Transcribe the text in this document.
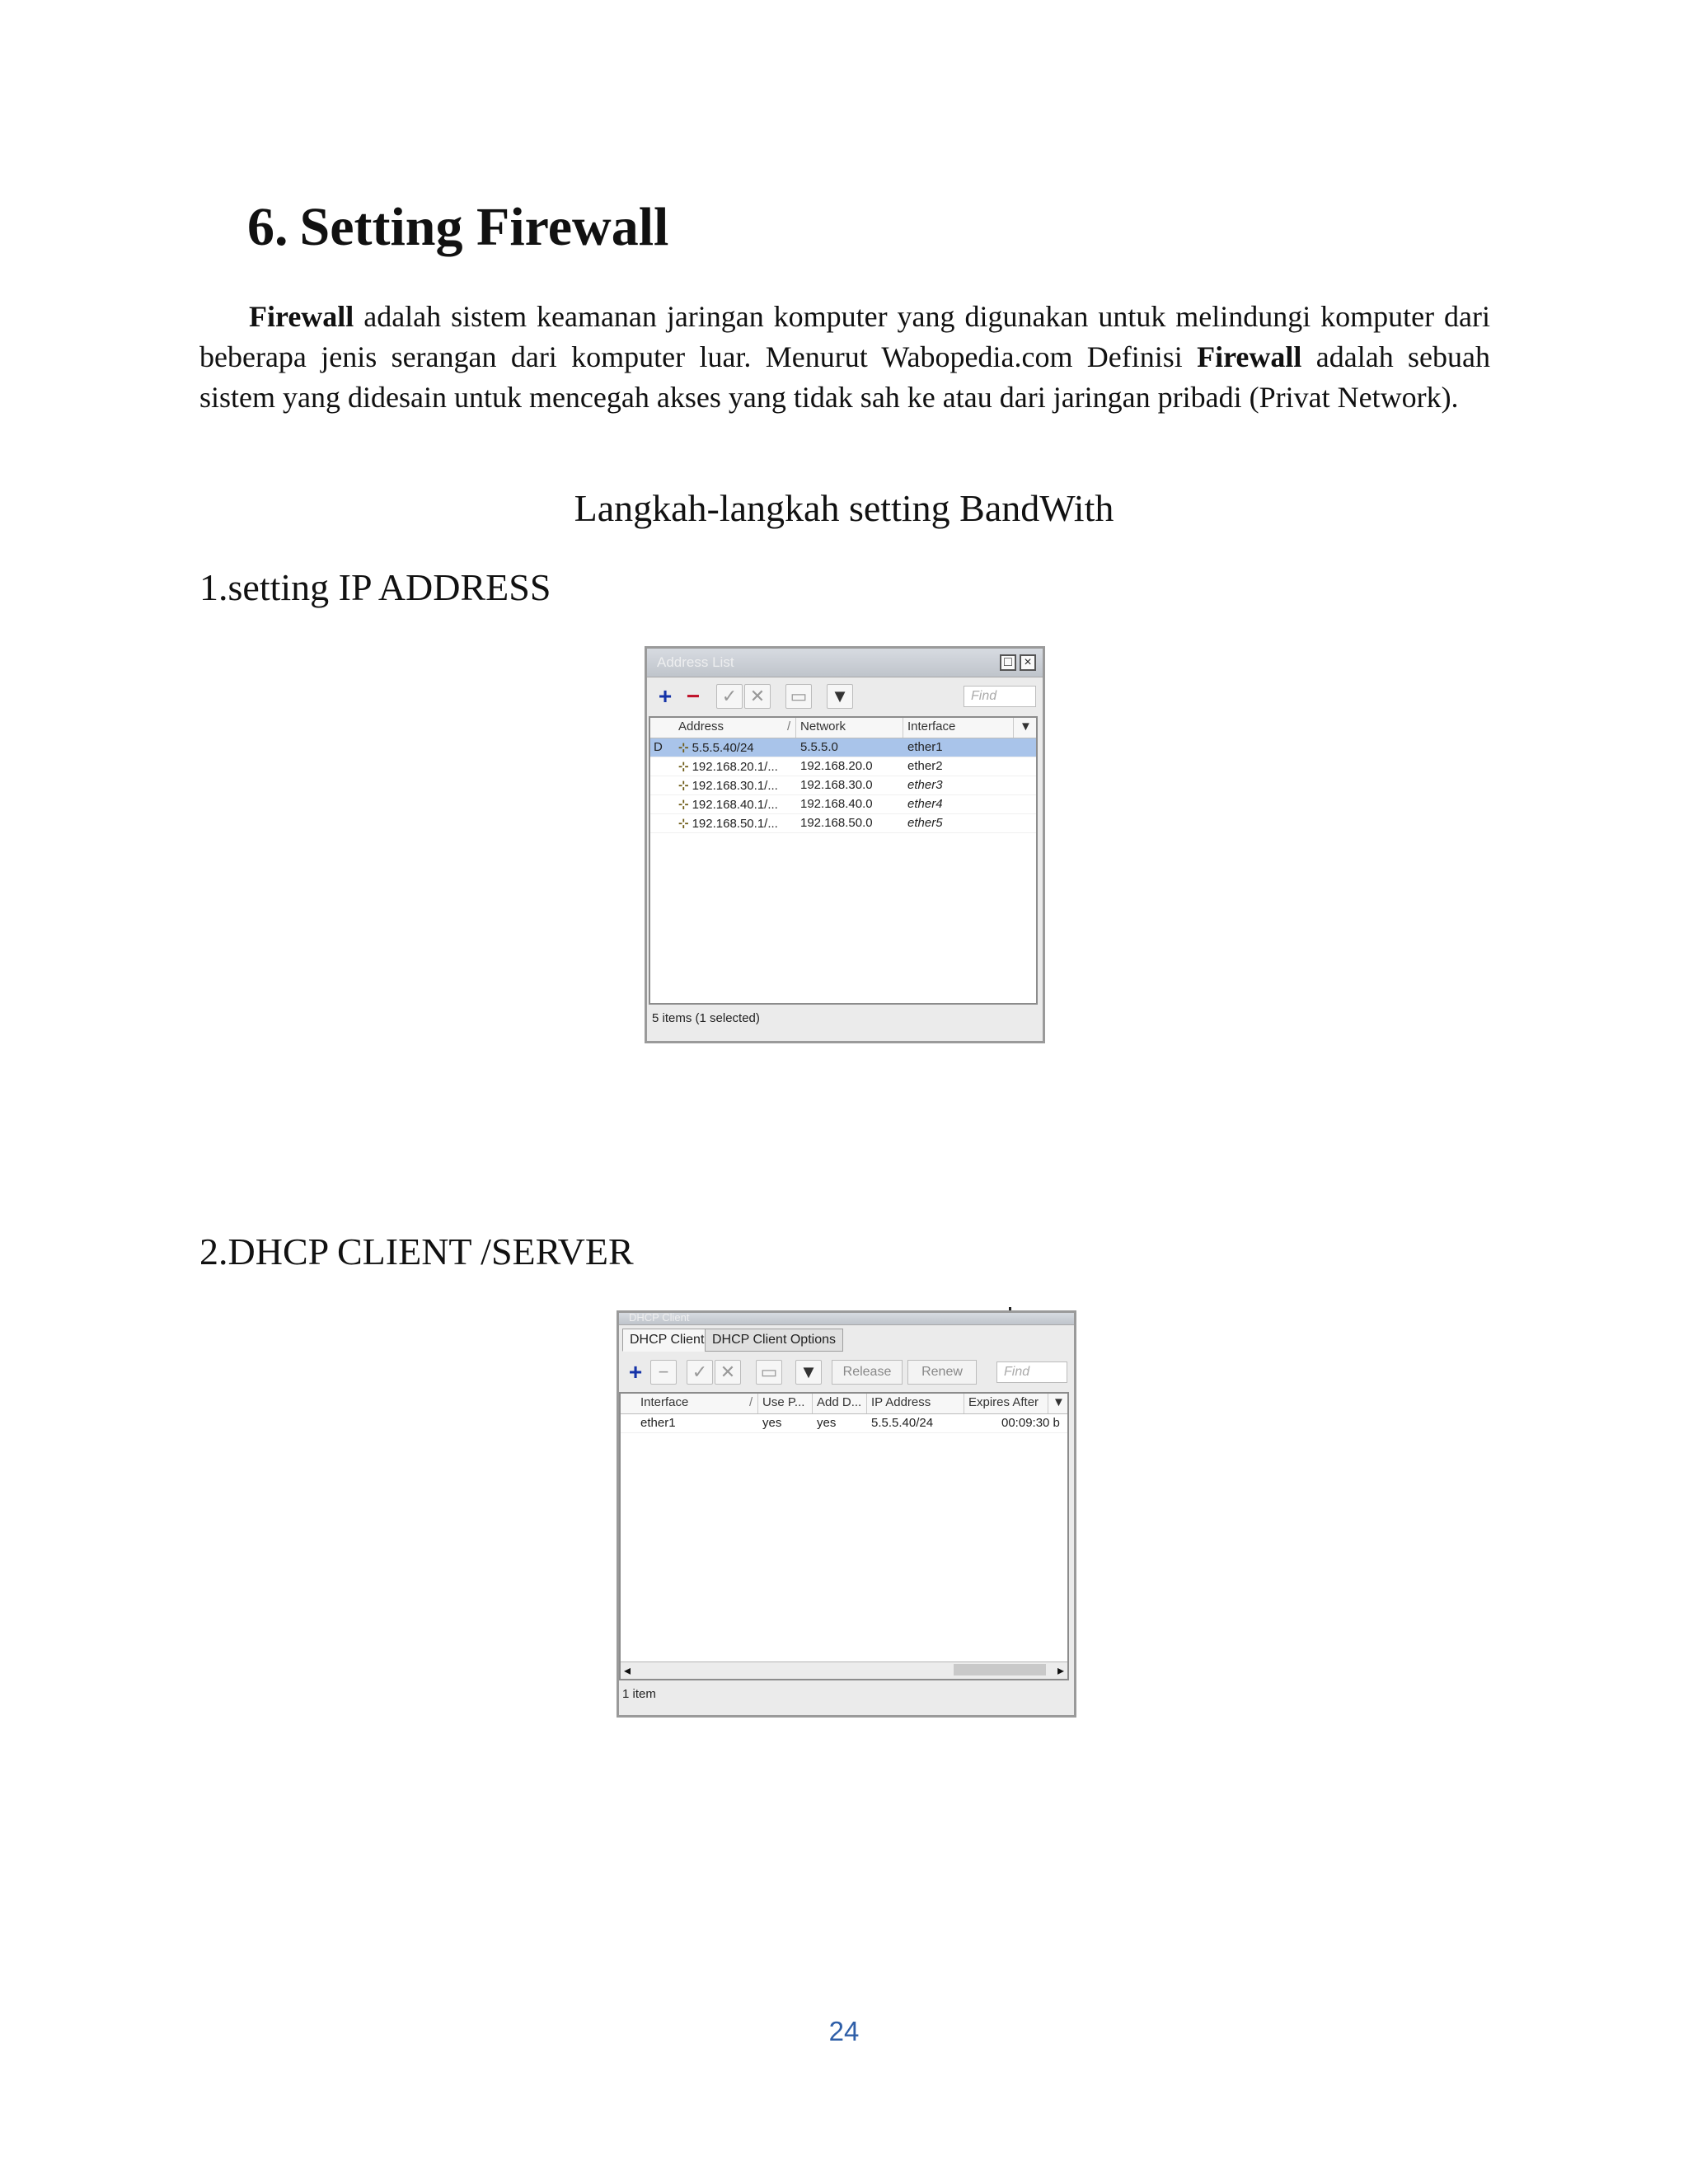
6. Setting Firewall

Firewall adalah sistem keamanan jaringan komputer yang digunakan untuk melindungi komputer dari beberapa jenis serangan dari komputer luar. Menurut Wabopedia.com Definisi Firewall adalah sebuah sistem yang didesain untuk mencegah akses yang tidak sah ke atau dari jaringan pribadi (Privat Network).

Langkah-langkah setting BandWith

1.setting IP ADDRESS

Address List	□ ×
+ −	✓ ✕	▭ ▼	Find
Address	/ Network	Interface	▼
D ⊹ 5.5.5.40/24	5.5.5.0	ether1
⊹ 192.168.20.1/... 192.168.20.0	ether2
⊹ 192.168.30.1/... 192.168.30.0	ether3
⊹ 192.168.40.1/... 192.168.40.0	ether4
⊹ 192.168.50.1/... 192.168.50.0	ether5
5 items (1 selected)

2.DHCP CLIENT /SERVER

DHCP Client
DHCP Client DHCP Client Options
+ −	✓ ✕	▭ ▼	Release	Renew	Find
Interface	/ Use P... Add D... IP Address	Expires After ▼
ether1	yes	yes	5.5.5.40/24	00:09:30 b
◂	▸
1 item
24
